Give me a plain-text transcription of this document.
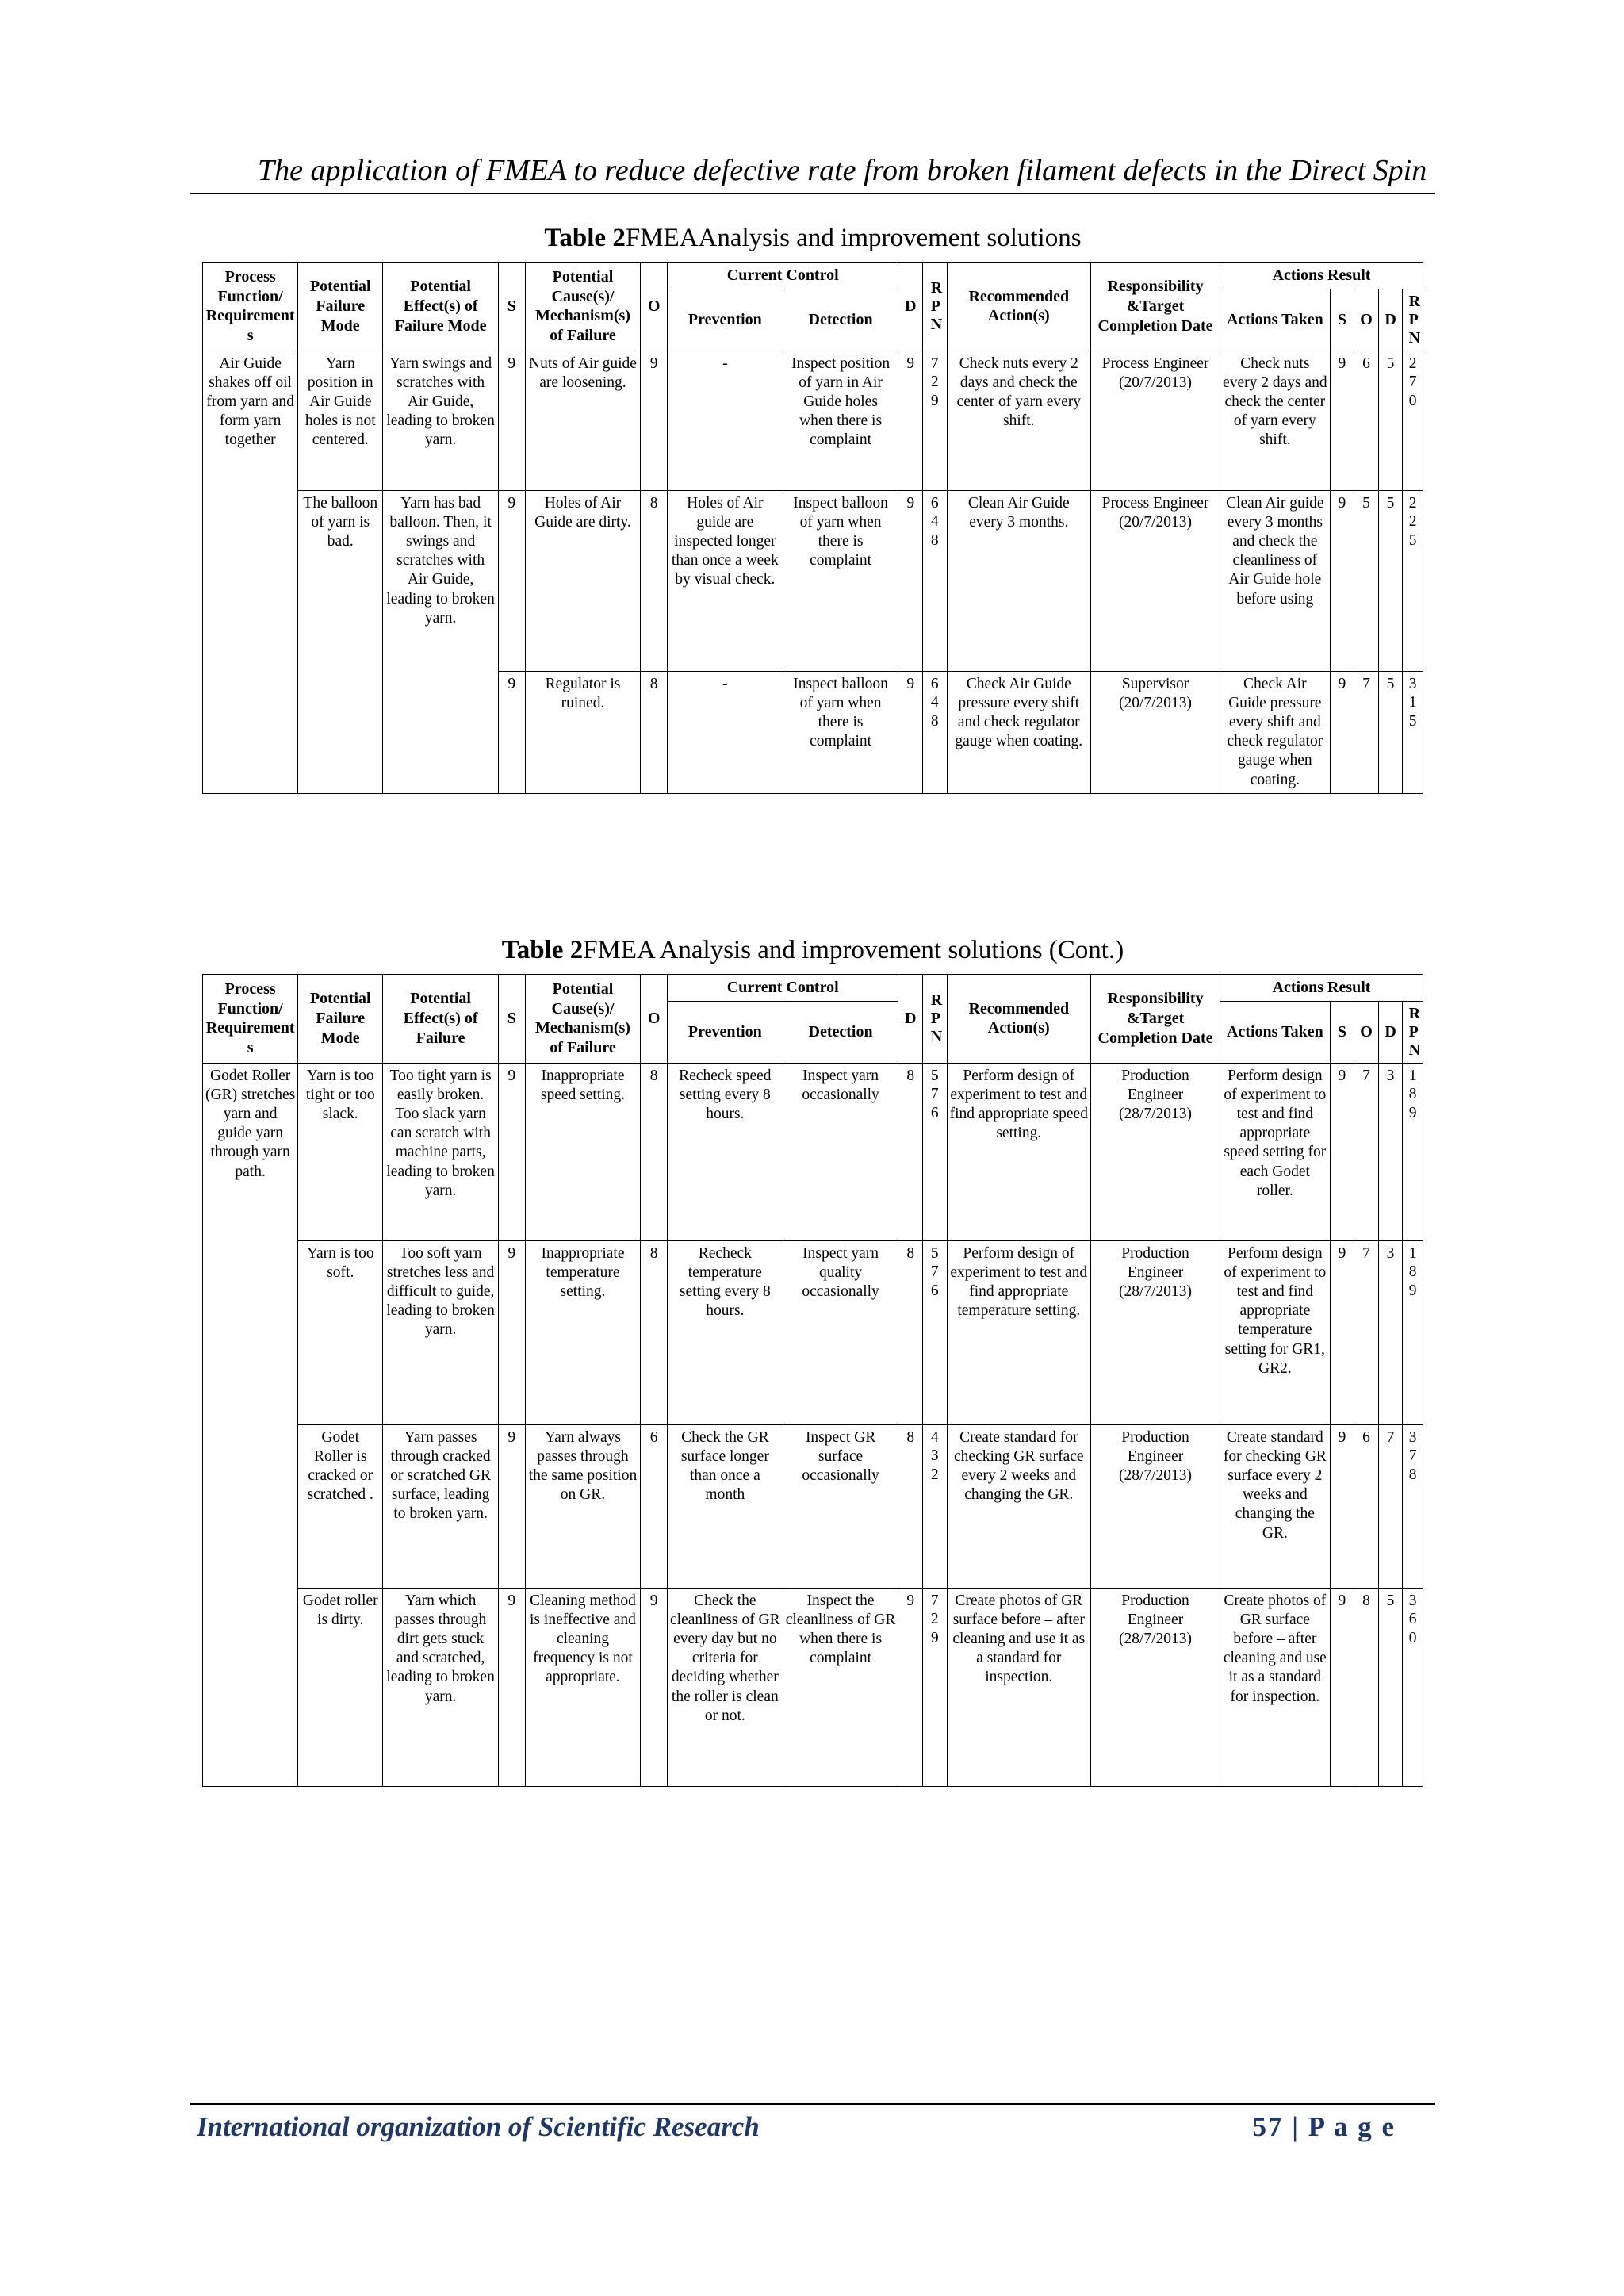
The application of FMEA to reduce defective rate from broken filament defects in the Direct Spin
Table 2FMEAAnalysis and improvement solutions
Process Function/ Requirements	Potential Failure Mode	Potential Effect(s) of Failure Mode	S	Potential Cause(s)/ Mechanism(s) of Failure	O	Current Control		D	RPN	Recommended Action(s)	Responsibility &Target Completion Date	Actions Result				

						Prevention	Detection					Actions Taken	S	O	D	RPN

Air Guide shakes off oil from yarn and form yarn together	Yarn position in Air Guide holes is not centered.	Yarn swings and scratches with Air Guide, leading to broken yarn.	9	Nuts of Air guide are loosening.	9	-	Inspect position of yarn in Air Guide holes when there is complaint	9	729	Check nuts every 2 days and check the center of yarn every shift.	Process Engineer (20/7/2013)	Check nuts every 2 days and check the center of yarn every shift.	9	6	5	270

	The balloon of yarn is bad.	Yarn has bad balloon. Then, it swings and scratches with Air Guide, leading to broken yarn.	9	Holes of Air Guide are dirty.	8	Holes of Air guide are inspected longer than once a week by visual check.	Inspect balloon of yarn when there is complaint	9	648	Clean Air Guide every 3 months.	Process Engineer (20/7/2013)	Clean Air guide every 3 months and check the cleanliness of Air Guide hole before using	9	5	5	225

			9	Regulator is ruined.	8	-	Inspect balloon of yarn when there is complaint	9	648	Check Air Guide pressure every shift and check regulator gauge when coating.	Supervisor (20/7/2013)	Check Air Guide pressure every shift and check regulator gauge when coating.	9	7	5	315
Table 2FMEA Analysis and improvement solutions (Cont.)
Process Function/ Requirements	Potential Failure Mode	Potential Effect(s) of Failure	S	Potential Cause(s)/ Mechanism(s) of Failure	O	Current Control		D	RPN	Recommended Action(s)	Responsibility &Target Completion Date	Actions Result				

						Prevention	Detection					Actions Taken	S	O	D	RPN

Godet Roller (GR) stretches yarn and guide yarn through yarn path.	Yarn is too tight or too slack.	Too tight yarn is easily broken. Too slack yarn can scratch with machine parts, leading to broken yarn.	9	Inappropriate speed setting.	8	Recheck speed setting every 8 hours.	Inspect yarn occasionally	8	576	Perform design of experiment to test and find appropriate speed setting.	Production Engineer (28/7/2013)	Perform design of experiment to test and find appropriate speed setting for each Godet roller.	9	7	3	189

	Yarn is too soft.	Too soft yarn stretches less and difficult to guide, leading to broken yarn.	9	Inappropriate temperature setting.	8	Recheck temperature setting every 8 hours.	Inspect yarn quality occasionally	8	576	Perform design of experiment to test and find appropriate temperature setting.	Production Engineer (28/7/2013)	Perform design of experiment to test and find appropriate temperature setting for GR1, GR2.	9	7	3	189

	Godet Roller is cracked or scratched .	Yarn passes through cracked or scratched GR surface, leading to broken yarn.	9	Yarn always passes through the same position on GR.	6	Check the GR surface longer than once a month	Inspect GR surface occasionally	8	432	Create standard for checking GR surface every 2 weeks and changing the GR.	Production Engineer (28/7/2013)	Create standard for checking GR surface every 2 weeks and changing the GR.	9	6	7	378

	Godet roller is dirty.	Yarn which passes through dirt gets stuck and scratched, leading to broken yarn.	9	Cleaning method is ineffective and cleaning frequency is not appropriate.	9	Check the cleanliness of GR every day but no criteria for deciding whether the roller is clean or not.	Inspect the cleanliness of GR when there is complaint	9	729	Create photos of GR surface before – after cleaning and use it as a standard for inspection.	Production Engineer (28/7/2013)	Create photos of GR surface before – after cleaning and use it as a standard for inspection.	9	8	5	360
International organization of Scientific Research	57 | P a g e
